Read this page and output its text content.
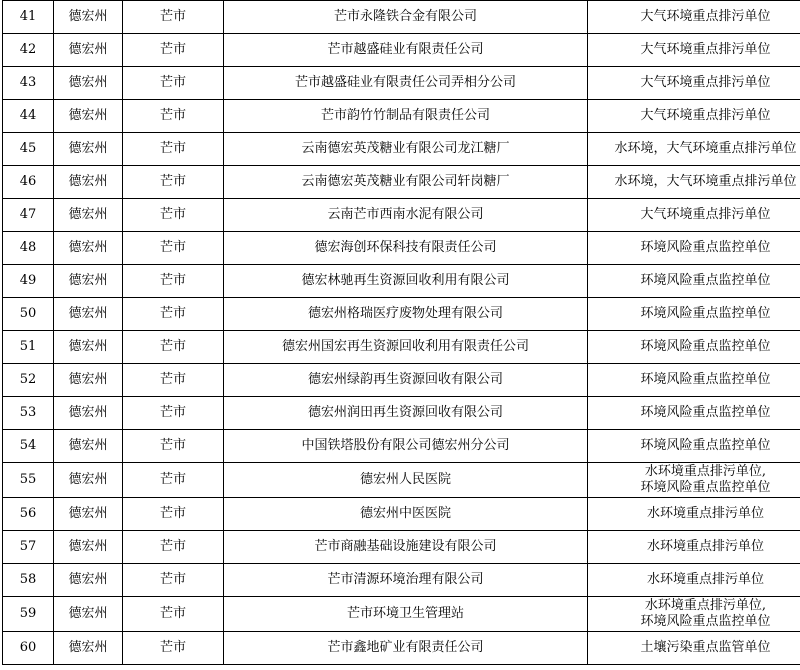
41	德宏州	芒市	芒市永隆铁合金有限公司	大气环境重点排污单位

42	德宏州	芒市	芒市越盛硅业有限责任公司	大气环境重点排污单位

43	德宏州	芒市	芒市越盛硅业有限责任公司弄相分公司	大气环境重点排污单位

44	德宏州	芒市	芒市韵竹竹制品有限责任公司	大气环境重点排污单位

45	德宏州	芒市	云南德宏英茂糖业有限公司龙江糖厂	水环境，大气环境重点排污单位

46	德宏州	芒市	云南德宏英茂糖业有限公司轩岗糖厂	水环境，大气环境重点排污单位

47	德宏州	芒市	云南芒市西南水泥有限公司	大气环境重点排污单位

48	德宏州	芒市	德宏海创环保科技有限责任公司	环境风险重点监控单位

49	德宏州	芒市	德宏林驰再生资源回收利用有限公司	环境风险重点监控单位

50	德宏州	芒市	德宏州格瑞医疗废物处理有限公司	环境风险重点监控单位

51	德宏州	芒市	德宏州国宏再生资源回收利用有限责任公司	环境风险重点监控单位

52	德宏州	芒市	德宏州绿韵再生资源回收有限公司	环境风险重点监控单位

53	德宏州	芒市	德宏州润田再生资源回收有限公司	环境风险重点监控单位

54	德宏州	芒市	中国铁塔股份有限公司德宏州分公司	环境风险重点监控单位

55	德宏州	芒市	德宏州人民医院	水环境重点排污单位,
环境风险重点监控单位

56	德宏州	芒市	德宏州中医医院	水环境重点排污单位

57	德宏州	芒市	芒市商融基础设施建设有限公司	水环境重点排污单位

58	德宏州	芒市	芒市清源环境治理有限公司	水环境重点排污单位

59	德宏州	芒市	芒市环境卫生管理站	水环境重点排污单位,
环境风险重点监控单位

60	德宏州	芒市	芒市鑫地矿业有限责任公司	土壤污染重点监管单位
